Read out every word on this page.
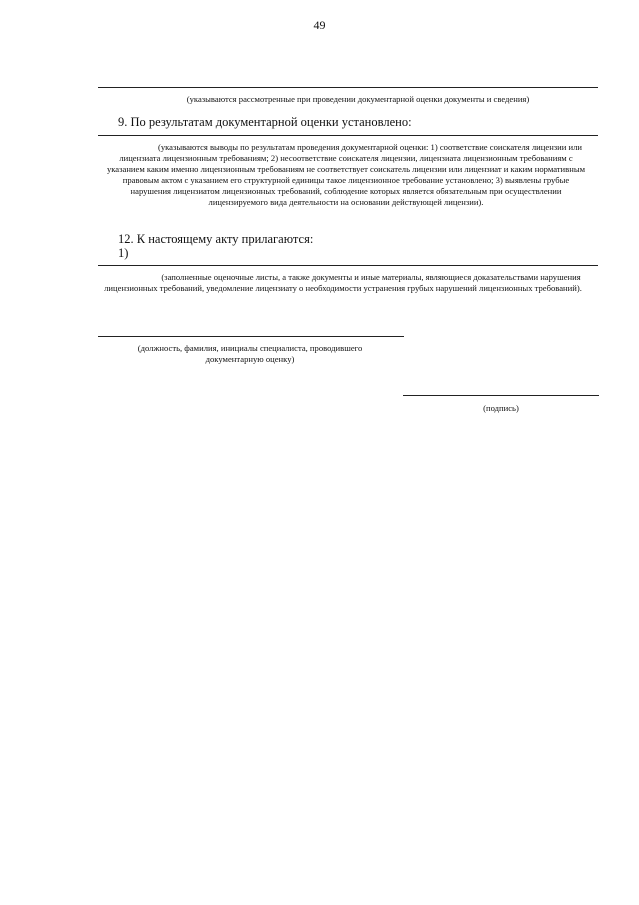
49
(указываются рассмотренные при проведении документарной оценки документы и сведения)
9. По результатам документарной оценки установлено:
(указываются выводы по результатам проведения документарной оценки: 1) соответствие соискателя лицензии или лицензиата лицензионным требованиям; 2) несоответствие соискателя лицензии, лицензиата лицензионным требованиям с указанием каким именно лицензионным требованиям не соответствует соискатель лицензии или лицензиат и каким нормативным правовым актом с указанием его структурной единицы такое лицензионное требование установлено; 3) выявлены грубые нарушения лицензиатом лицензионных требований, соблюдение которых является обязательным при осуществлении лицензируемого вида деятельности на основании действующей лицензии).
12. К настоящему акту прилагаются:
1)
(заполненные оценочные листы, а также документы и иные материалы, являющиеся доказательствами нарушения лицензионных требований, уведомление лицензиату о необходимости устранения грубых нарушений лицензионных требований).
(должность, фамилия, инициалы специалиста, проводившего документарную оценку)
(подпись)
